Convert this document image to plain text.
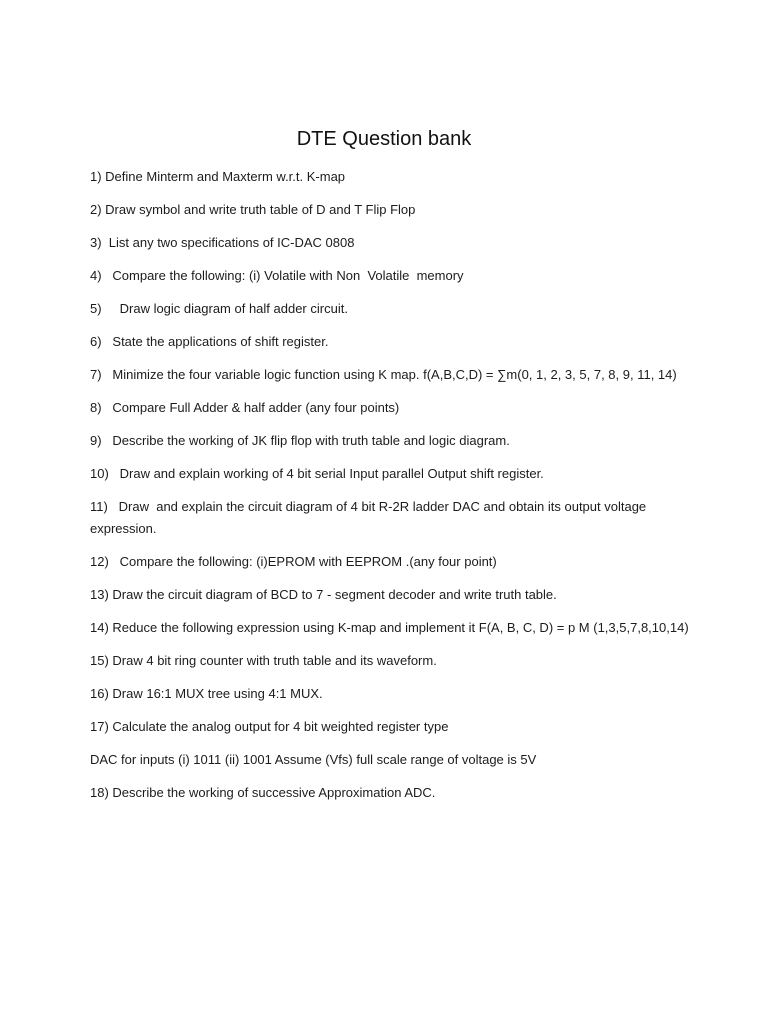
DTE Question bank
1) Define Minterm and Maxterm w.r.t. K-map
2) Draw symbol and write truth table of D and T Flip Flop
3)  List any two specifications of IC-DAC 0808
4)   Compare the following: (i) Volatile with Non  Volatile  memory
5)     Draw logic diagram of half adder circuit.
6)   State the applications of shift register.
7)   Minimize the four variable logic function using K map. f(A,B,C,D) = ∑m(0, 1, 2, 3, 5, 7, 8, 9, 11, 14)
8)   Compare Full Adder & half adder (any four points)
9)   Describe the working of JK flip flop with truth table and logic diagram.
10)   Draw and explain working of 4 bit serial Input parallel Output shift register.
11)   Draw  and explain the circuit diagram of 4 bit R-2R ladder DAC and obtain its output voltage expression.
12)   Compare the following: (i)EPROM with EEPROM .(any four point)
13) Draw the circuit diagram of BCD to 7 - segment decoder and write truth table.
14) Reduce the following expression using K-map and implement it F(A, B, C, D) = p M (1,3,5,7,8,10,14)
15) Draw 4 bit ring counter with truth table and its waveform.
16) Draw 16:1 MUX tree using 4:1 MUX.
17) Calculate the analog output for 4 bit weighted register type
DAC for inputs (i) 1011 (ii) 1001 Assume (Vfs) full scale range of voltage is 5V
18) Describe the working of successive Approximation ADC.
